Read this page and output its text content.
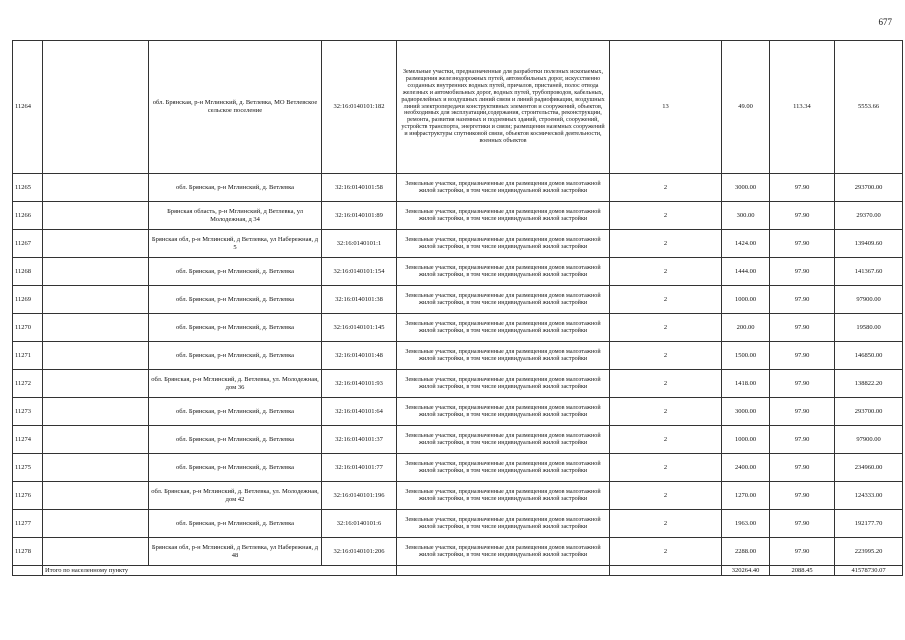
677
11264		обл. Брянская, р-н Мглинский, д. Ветлевка, МО Ветлевское сельское поселение	32:16:0140101:182	Земельные участки, предназначенные для разработки полезных ископаемых, размещения железнодорожных путей, автомобильных дорог, искусственно созданных внутренних водных путей, причалов, пристаней, полос отвода железных и автомобильных дорог, водных путей, трубопроводов, кабельных, радиорелейных и воздушных линий связи и линий радиофикации, воздушных линий электропередачи конструктивных элементов и сооружений, объектов, необходимых для эксплуатации,содержания, строительства, реконструкции, ремонта, развития наземных и подземных зданий, строений, сооружений, устройств транспорта, энергетики и связи; размещения наземных сооружений и инфраструктуры спутниковой связи, объектов космической деятельности, военных объектов	13	49.00	113.34	5553.66
11265		обл. Брянская, р-н Мглинский, д. Ветлевка	32:16:0140101:58	Земельные участки, предназначенные для размещения домов малоэтажной жилой застройки, в том числе индивидуальной жилой застройки	2	3000.00	97.90	293700.00
11266		Брянская область, р-н Мглинский, д Ветлевка, ул Молодежная, д 34	32:16:0140101:89	Земельные участки, предназначенные для размещения домов малоэтажной жилой застройки, в том числе индивидуальной жилой застройки	2	300.00	97.90	29370.00
11267		Брянская обл, р-н Мглинский, д Ветлевка, ул Набережная, д 5	32:16:0140101:1	Земельные участки, предназначенные для размещения домов малоэтажной жилой застройки, в том числе индивидуальной жилой застройки	2	1424.00	97.90	139409.60
11268		обл. Брянская, р-н Мглинский, д. Ветлевка	32:16:0140101:154	Земельные участки, предназначенные для размещения домов малоэтажной жилой застройки, в том числе индивидуальной жилой застройки	2	1444.00	97.90	141367.60
11269		обл. Брянская, р-н Мглинский, д. Ветлевка	32:16:0140101:38	Земельные участки, предназначенные для размещения домов малоэтажной жилой застройки, в том числе индивидуальной жилой застройки	2	1000.00	97.90	97900.00
11270		обл. Брянская, р-н Мглинский, д. Ветлевка	32:16:0140101:145	Земельные участки, предназначенные для размещения домов малоэтажной жилой застройки, в том числе индивидуальной жилой застройки	2	200.00	97.90	19580.00
11271		обл. Брянская, р-н Мглинский, д. Ветлевка	32:16:0140101:48	Земельные участки, предназначенные для размещения домов малоэтажной жилой застройки, в том числе индивидуальной жилой застройки	2	1500.00	97.90	146850.00
11272		обл. Брянская, р-н Мглинский, д. Ветлевка, ул. Молодежная, дом 36	32:16:0140101:93	Земельные участки, предназначенные для размещения домов малоэтажной жилой застройки, в том числе индивидуальной жилой застройки	2	1418.00	97.90	138822.20
11273		обл. Брянская, р-н Мглинский, д. Ветлевка	32:16:0140101:64	Земельные участки, предназначенные для размещения домов малоэтажной жилой застройки, в том числе индивидуальной жилой застройки	2	3000.00	97.90	293700.00
11274		обл. Брянская, р-н Мглинский, д. Ветлевка	32:16:0140101:37	Земельные участки, предназначенные для размещения домов малоэтажной жилой застройки, в том числе индивидуальной жилой застройки	2	1000.00	97.90	97900.00
11275		обл. Брянская, р-н Мглинский, д. Ветлевка	32:16:0140101:77	Земельные участки, предназначенные для размещения домов малоэтажной жилой застройки, в том числе индивидуальной жилой застройки	2	2400.00	97.90	234960.00
11276		обл. Брянская, р-н Мглинский, д. Ветлевка, ул. Молодежная, дом 42	32:16:0140101:196	Земельные участки, предназначенные для размещения домов малоэтажной жилой застройки, в том числе индивидуальной жилой застройки	2	1270.00	97.90	124333.00
11277		обл. Брянская, р-н Мглинский, д. Ветлевка	32:16:0140101:6	Земельные участки, предназначенные для размещения домов малоэтажной жилой застройки, в том числе индивидуальной жилой застройки	2	1963.00	97.90	192177.70
11278		Брянская обл, р-н Мглинский, д Ветлевка, ул Набережная, д 48	32:16:0140101:206	Земельные участки, предназначенные для размещения домов малоэтажной жилой застройки, в том числе индивидуальной жилой застройки	2	2288.00	97.90	223995.20
	Итого по населенному пункту					320264.40	2088.45	41578730.07
